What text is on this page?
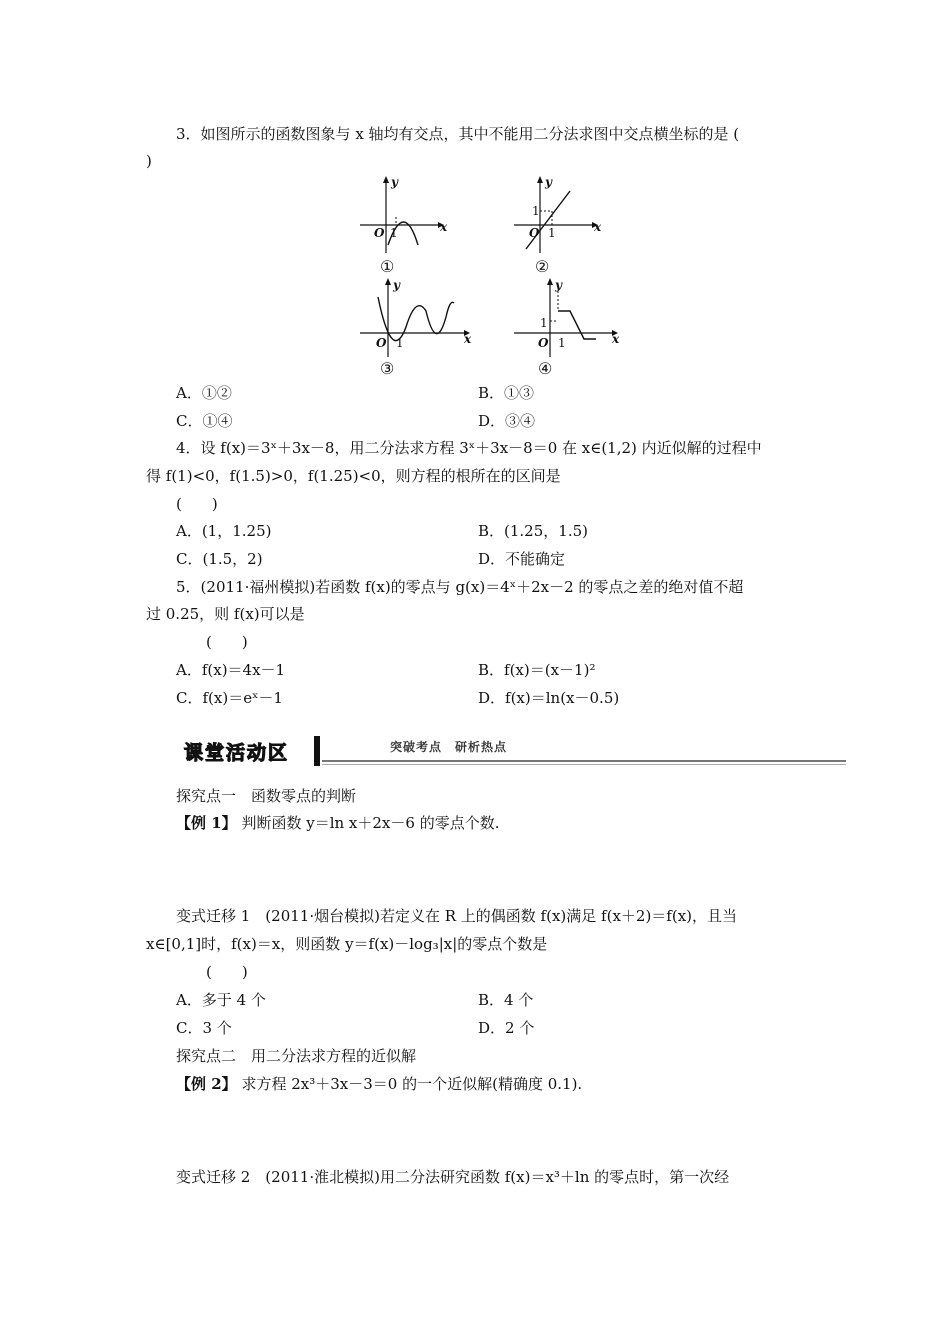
3．如图所示的函数图象与 x 轴均有交点，其中不能用二分法求图中交点横坐标的是 (
)
y
x
O 1
①
y
x
O
1
1
②
y
x
O 1
③
y
x
O
1
1
④
A．①②	B．①③
C．①④	D．③④
4．设 f(x)＝3ˣ＋3x－8，用二分法求方程 3ˣ＋3x－8＝0 在 x∈(1,2) 内近似解的过程中
得 f(1)<0，f(1.5)>0，f(1.25)<0，则方程的根所在的区间是
(　　)
A．(1，1.25)	B．(1.25，1.5)
C．(1.5，2)	D．不能确定
5．(2011·福州模拟)若函数 f(x)的零点与 g(x)＝4ˣ＋2x－2 的零点之差的绝对值不超
过 0.25，则 f(x)可以是
(　　)
A．f(x)＝4x－1	B．f(x)＝(x－1)²
C．f(x)＝eˣ－1	D．f(x)＝ln(x－0.5)
课堂活动区	突破考点　研析热点
探究点一　函数零点的判断
【例 1】 判断函数 y＝ln x＋2x－6 的零点个数.
变式迁移 1　(2011·烟台模拟)若定义在 R 上的偶函数 f(x)满足 f(x＋2)＝f(x)，且当
x∈[0,1]时，f(x)＝x，则函数 y＝f(x)－log₃|x|的零点个数是
(　　)
A．多于 4 个	B．4 个
C．3 个	D．2 个
探究点二　用二分法求方程的近似解
【例 2】 求方程 2x³＋3x－3＝0 的一个近似解(精确度 0.1).
变式迁移 2　(2011·淮北模拟)用二分法研究函数 f(x)＝x³＋ln 的零点时，第一次经
